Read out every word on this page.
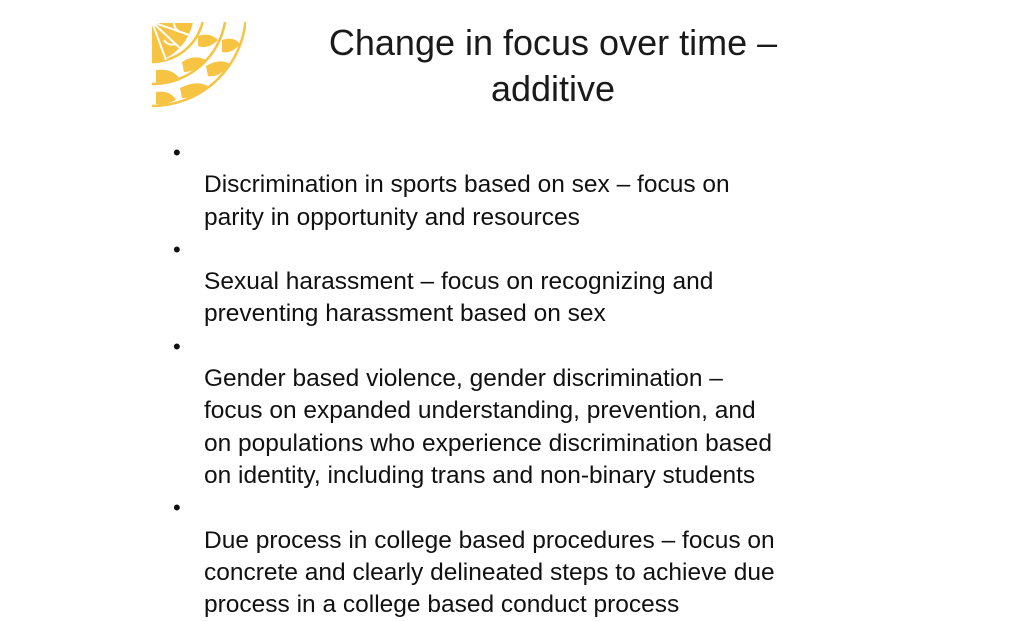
Change in focus over time –
additive

•
Discrimination in sports based on sex – focus on
parity in opportunity and resources

•
Sexual harassment – focus on recognizing and
preventing harassment based on sex

•
Gender based violence, gender discrimination –
focus on expanded understanding, prevention, and
on populations who experience discrimination based
on identity, including trans and non-binary students

•
Due process in college based procedures – focus on
concrete and clearly delineated steps to achieve due
process in a college based conduct process
